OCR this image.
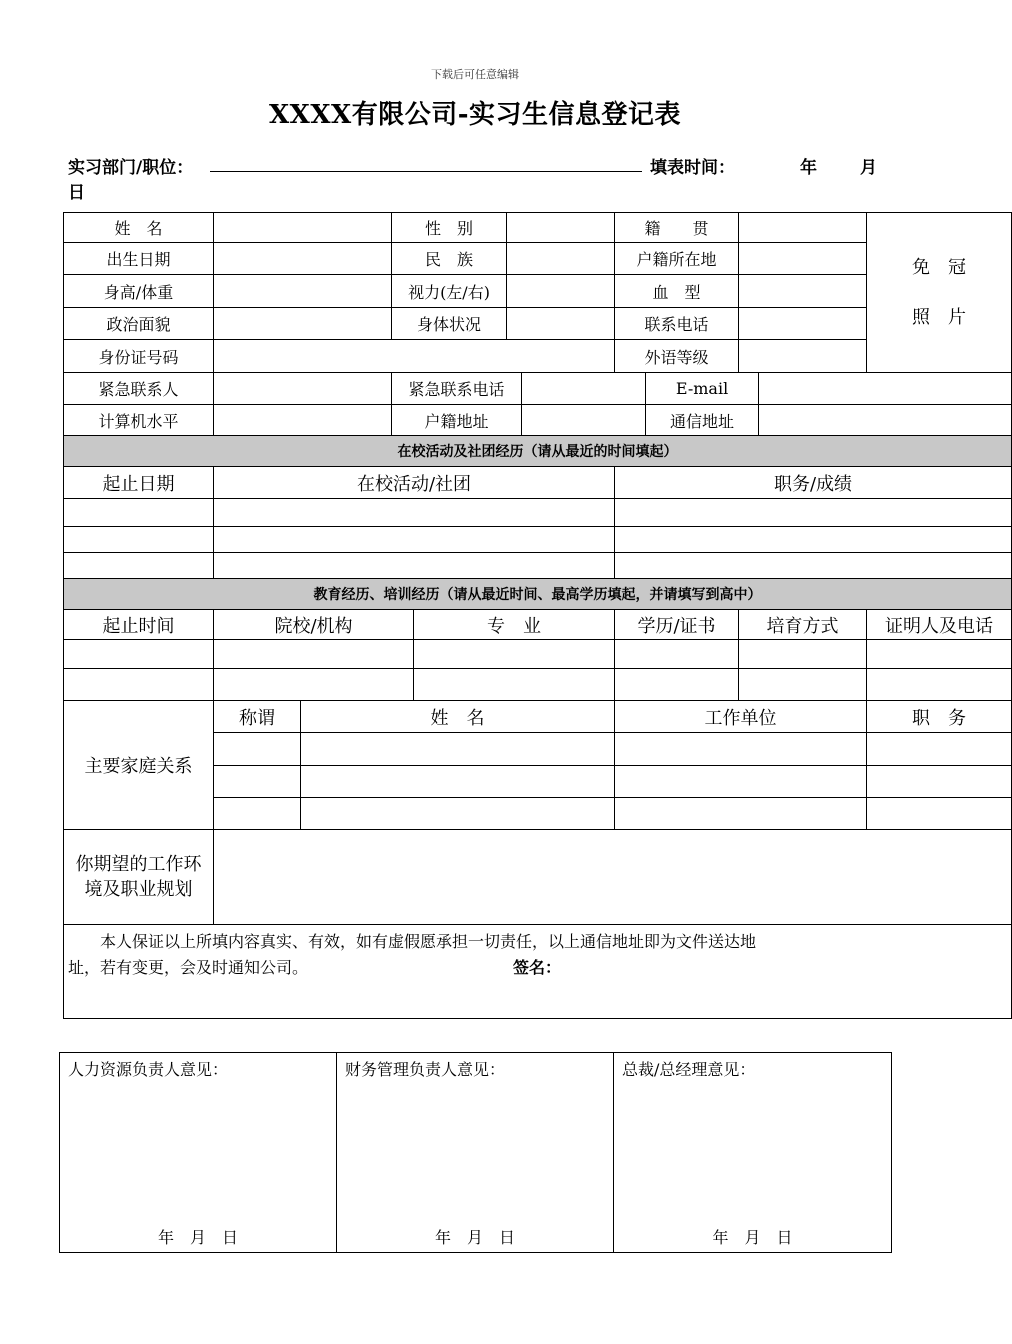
下载后可任意编辑
XXXX有限公司-实习生信息登记表
实习部门/职位：	填表时间：	年	月
日
姓　名			性　别				籍　　贯				免　冠
照　片

出生日期			民　族				户籍所在地				
身高/体重			视力(左/右)				血　型				
政治面貌			身体状况				联系电话				
身份证号码							外语等级				
紧急联系人			紧急联系电话					E-mail			
计算机水平			户籍地址					通信地址			
在校活动及社团经历（请从最近的时间填起）											
起止日期	在校活动/社团						职务/成绩				

教育经历、培训经历（请从最近时间、最高学历填起，并请填写到高中）											
起止时间	院校/机构			专　业			学历/证书		培育方式		证明人及电话

主要家庭关系	称谓	姓　名					工作单位				职　务

你期望的工作环
境及职业规划											

　　本人保证以上所填内容真实、有效，如有虚假愿承担一切责任，以上通信地址即为文件送达地
址，若有变更，会及时通知公司。 签名：											
人力资源负责人意见：
年　月　日

财务管理负责人意见：
年　月　日

总裁/总经理意见：
年　月　日
